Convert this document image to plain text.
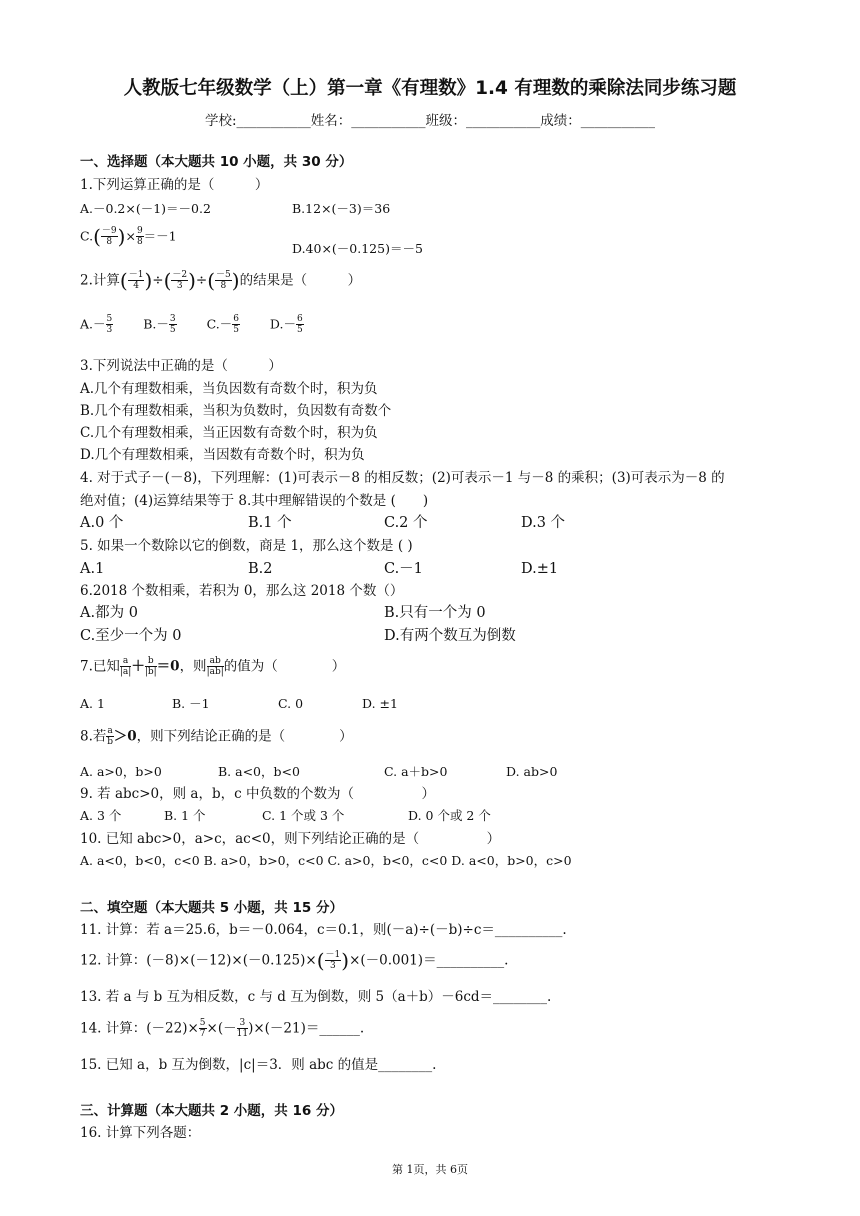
人教版七年级数学（上）第一章《有理数》1.4 有理数的乘除法同步练习题
学校:___________姓名：___________班级：___________成绩：___________
一、选择题（本大题共 10 小题，共 30 分）
1.下列运算正确的是（　　　）
A.－0.2×(－1)＝－0.2	B.12×(－3)＝36
$C.( \frac{-9}{8}$ )× $\frac{9}{8} =-1$
D.40×(－0.125)＝－5
2.计算( $\frac{-1}{4}$ )÷( $\frac{-2}{3}$ )÷( $\frac{-5}{8}$ )的结果是（　　　）
$A.- \frac{5}{3} B.- \frac{3}{5} C.- \frac{6}{5} D.- \frac{6}{5}$
3.下列说法中正确的是（　　　）
A.几个有理数相乘，当负因数有奇数个时，积为负
B.几个有理数相乘，当积为负数时，负因数有奇数个
C.几个有理数相乘，当正因数有奇数个时，积为负
D.几个有理数相乘，当因数有奇数个时，积为负
4. 对于式子－(－8)，下列理解：(1)可表示－8 的相反数；(2)可表示－1 与－8 的乘积；(3)可表示为－8 的
绝对值；(4)运算结果等于 8.其中理解错误的个数是 (　　)
A.0 个	B.1 个	C.2 个	D.3 个
5. 如果一个数除以它的倒数，商是 1，那么这个数是 ( )
A.1	B.2	C.－1	D.±1
6.2018 个数相乘，若积为 0，那么这 2018 个数（）
A.都为 0	B.只有一个为 0
C.至少一个为 0	D.有两个数互为倒数
7.已知 $\frac{a}{|a|} + \frac{b}{|b|} =0$，则 $\frac{ab}{|ab|}$ 的值为（　　　　）
A. 1	B. －1	C. 0	D. ±1
8.若 $\frac{a}{b} >0$，则下列结论正确的是（　　　　）
A. a>0，b>0	B. a<0，b<0	C. a＋b>0	D. ab>0
9. 若 abc>0，则 a，b，c 中负数的个数为（　　　　　）
A. 3 个	B. 1 个	C. 1 个或 3 个	D. 0 个或 2 个
10. 已知 abc>0，a>c，ac<0，则下列结论正确的是（　　　　　）
A. a<0，b<0，c<0 B. a>0，b>0，c<0 C. a>0，b<0，c<0 D. a<0，b>0，c>0
二、填空题（本大题共 5 小题，共 15 分）
11. 计算：若 a＝25.6，b＝－0.064，c＝0.1，则(－a)÷(－b)÷c＝__________.
12. 计算：$(-8)\times(-12)\times(-0.125)\times( \frac{-1}{3}$ )×(－0.001)＝__________.
13. 若 a 与 b 互为相反数，c 与 d 互为倒数，则 5（a＋b）－6cd＝________.
14. 计算：$(-22)\times \frac{5}{7}$ ×(－ $\frac{3}{11}$ )×(－21)＝______.
15. 已知 a，b 互为倒数，|c|＝3．则 abc 的值是________.
三、计算题（本大题共 2 小题，共 16 分）
16. 计算下列各题：
第 1页，共 6页
